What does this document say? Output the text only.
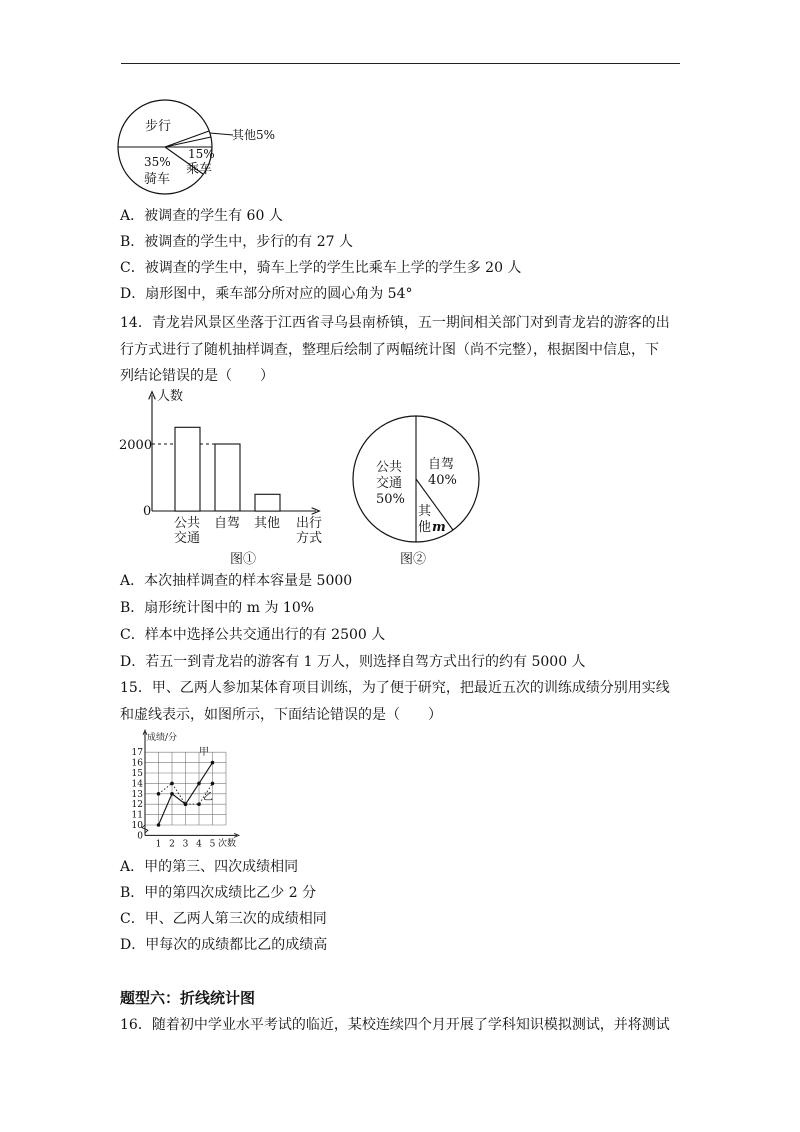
步行
其他5%
15%
乘车
35%
骑车
A．被调查的学生有 60 人
B．被调查的学生中，步行的有 27 人
C．被调查的学生中，骑车上学的学生比乘车上学的学生多 20 人
D．扇形图中，乘车部分所对应的圆心角为 54°
14．青龙岩风景区坐落于江西省寻乌县南桥镇，五一期间相关部门对到青龙岩的游客的出
行方式进行了随机抽样调查，整理后绘制了两幅统计图（尚不完整），根据图中信息，下
列结论错误的是（　　）
人数
2000
0
公共
交通
自驾 其他 出行
方式
图①
公共
交通
50%
自驾
40%
其
他 m
图②
A．本次抽样调查的样本容量是 5000
B．扇形统计图中的 m 为 10%
C．样本中选择公共交通出行的有 2500 人
D．若五一到青龙岩的游客有 1 万人，则选择自驾方式出行的约有 5000 人
15．甲、乙两人参加某体育项目训练，为了便于研究，把最近五次的训练成绩分别用实线
和虚线表示，如图所示，下面结论错误的是（　　）
0
10
11
12
13
14
15
16
17
1 2 3 4 5
成绩/分
次数
甲
乙
A．甲的第三、四次成绩相同
B．甲的第四次成绩比乙少 2 分
C．甲、乙两人第三次的成绩相同
D．甲每次的成绩都比乙的成绩高
题型六：折线统计图
16．随着初中学业水平考试的临近，某校连续四个月开展了学科知识模拟测试，并将测试
